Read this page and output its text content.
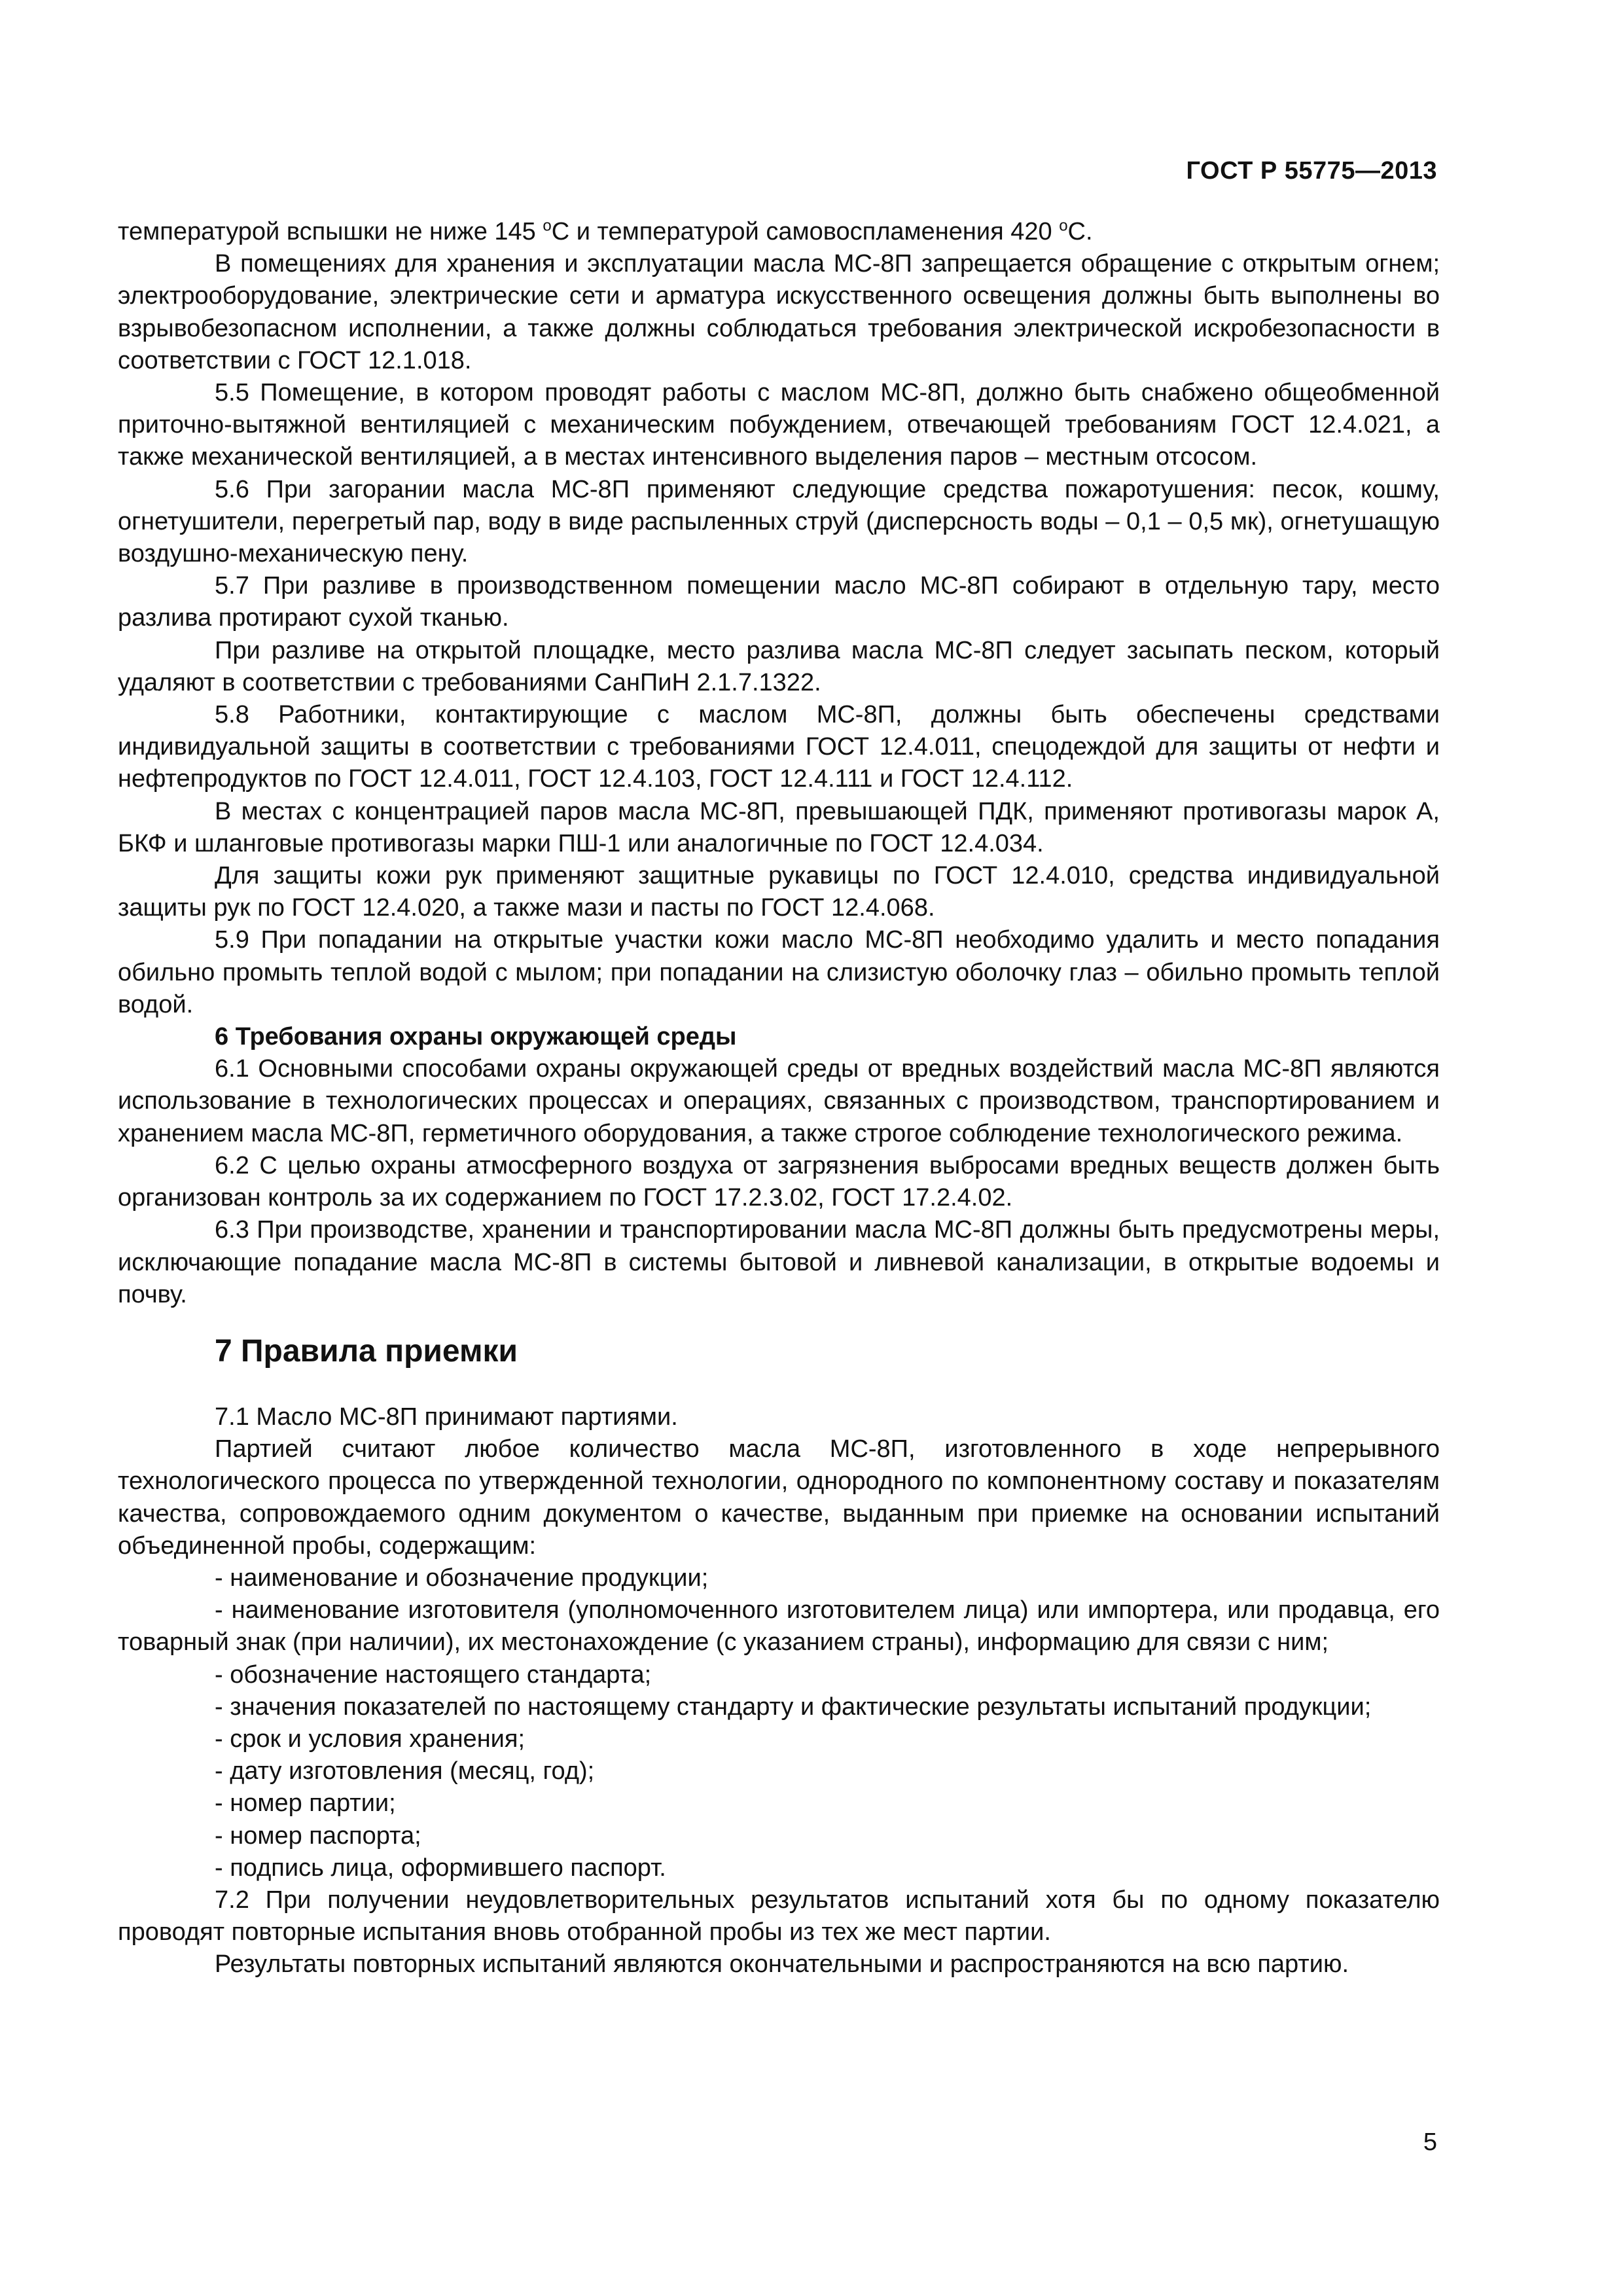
ГОСТ Р 55775—2013

температурой вспышки не ниже 145 $^o$С и температурой самовоспламенения 420 $^o$С.

В помещениях для хранения и эксплуатации масла МС-8П запрещается обращение с открытым огнем; электрооборудование, электрические сети и арматура искусственного освещения должны быть выполнены во взрывобезопасном исполнении, а также должны соблюдаться требования электрической искробезопасности в соответствии с ГОСТ 12.1.018.

5.5 Помещение, в котором проводят работы с маслом МС-8П, должно быть снабжено общеобменной приточно-вытяжной вентиляцией с механическим побуждением, отвечающей требованиям ГОСТ 12.4.021, а также механической вентиляцией, а в местах интенсивного выделения паров – местным отсосом.

5.6 При загорании масла МС-8П применяют следующие средства пожаротушения: песок, кошму, огнетушители, перегретый пар, воду в виде распыленных струй (дисперсность воды – 0,1 – 0,5 мк), огнетушащую воздушно-механическую пену.

5.7 При разливе в производственном помещении масло МС-8П собирают в отдельную тару, место разлива протирают сухой тканью.

При разливе на открытой площадке, место разлива масла МС-8П следует засыпать песком, который удаляют в соответствии с требованиями СанПиН 2.1.7.1322.

5.8 Работники, контактирующие с маслом МС-8П, должны быть обеспечены средствами индивидуальной защиты в соответствии с требованиями ГОСТ 12.4.011, спецодеждой для защиты от нефти и нефтепродуктов по ГОСТ 12.4.011, ГОСТ 12.4.103, ГОСТ 12.4.111 и ГОСТ 12.4.112.

В местах с концентрацией паров масла МС-8П, превышающей ПДК, применяют противогазы марок А, БКФ и шланговые противогазы марки ПШ-1 или аналогичные по ГОСТ 12.4.034.

Для защиты кожи рук применяют защитные рукавицы по ГОСТ 12.4.010, средства индивидуальной защиты рук по ГОСТ 12.4.020, а также мази и пасты по ГОСТ 12.4.068.

5.9 При попадании на открытые участки кожи масло МС-8П необходимо удалить и место попадания обильно промыть теплой водой с мылом; при попадании на слизистую оболочку глаз – обильно промыть теплой водой.

6 Требования охраны окружающей среды

6.1 Основными способами охраны окружающей среды от вредных воздействий масла МС-8П являются использование в технологических процессах и операциях, связанных с производством, транспортированием и хранением масла МС-8П, герметичного оборудования, а также строгое соблюдение технологического режима.

6.2 С целью охраны атмосферного воздуха от загрязнения выбросами вредных веществ должен быть организован контроль за их содержанием по ГОСТ 17.2.3.02, ГОСТ 17.2.4.02.

6.3 При производстве, хранении и транспортировании масла МС-8П должны быть предусмотрены меры, исключающие попадание масла МС-8П в системы бытовой и ливневой канализации, в открытые водоемы и почву.

7 Правила приемки

7.1 Масло МС-8П принимают партиями.

Партией считают любое количество масла МС-8П, изготовленного в ходе непрерывного технологического процесса по утвержденной технологии, однородного по компонентному составу и показателям качества, сопровождаемого одним документом о качестве, выданным при приемке на основании испытаний объединенной пробы, содержащим:

- наименование и обозначение продукции;

- наименование изготовителя (уполномоченного изготовителем лица) или импортера, или продавца, его товарный знак (при наличии), их местонахождение (с указанием страны), информацию для связи с ним;

- обозначение настоящего стандарта;

- значения показателей по настоящему стандарту и фактические результаты испытаний продукции;

- срок и условия хранения;

- дату изготовления (месяц, год);

- номер партии;

- номер паспорта;

- подпись лица, оформившего паспорт.

7.2 При получении неудовлетворительных результатов испытаний хотя бы по одному показателю проводят повторные испытания вновь отобранной пробы из тех же мест партии.

Результаты повторных испытаний являются окончательными и распространяются на всю партию.

5
